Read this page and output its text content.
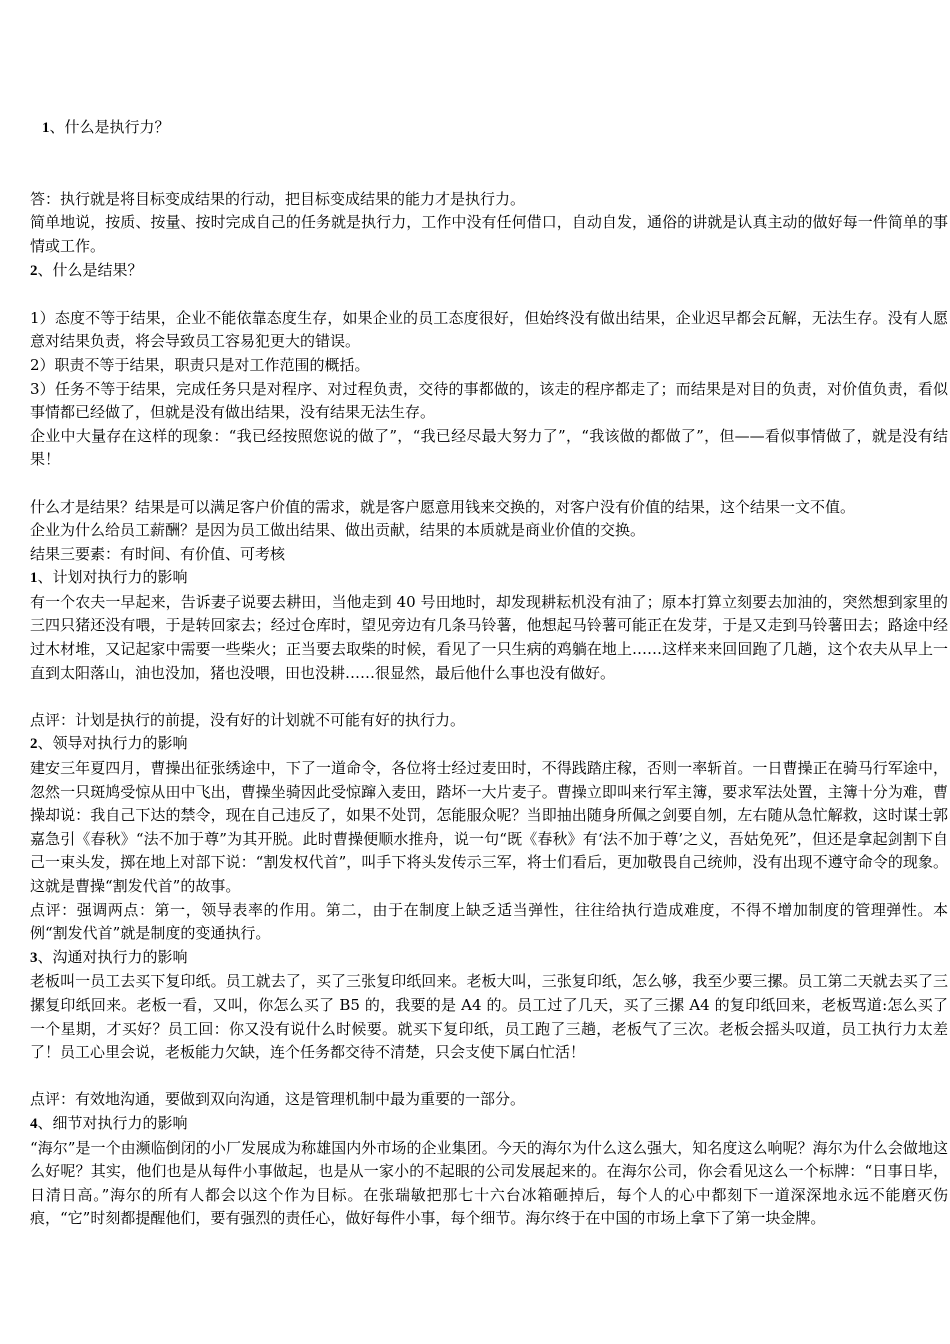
1、什么是执行力？

答：执行就是将目标变成结果的行动，把目标变成结果的能力才是执行力。

简单地说，按质、按量、按时完成自己的任务就是执行力，工作中没有任何借口，自动自发，通俗的讲就是认真主动的做好每一件简单的事情或工作。

2、什么是结果？

1）态度不等于结果，企业不能依靠态度生存，如果企业的员工态度很好，但始终没有做出结果，企业迟早都会瓦解，无法生存。没有人愿意对结果负责，将会导致员工容易犯更大的错误。

2）职责不等于结果，职责只是对工作范围的概括。

3）任务不等于结果，完成任务只是对程序、对过程负责，交待的事都做的，该走的程序都走了；而结果是对目的负责，对价值负责，看似事情都已经做了，但就是没有做出结果，没有结果无法生存。

企业中大量存在这样的现象：“我已经按照您说的做了”，“我已经尽最大努力了”，“我该做的都做了”，但——看似事情做了，就是没有结果！

什么才是结果？结果是可以满足客户价值的需求，就是客户愿意用钱来交换的，对客户没有价值的结果，这个结果一文不值。

企业为什么给员工薪酬？是因为员工做出结果、做出贡献，结果的本质就是商业价值的交换。

结果三要素：有时间、有价值、可考核

1、计划对执行力的影响

有一个农夫一早起来，告诉妻子说要去耕田，当他走到 40 号田地时，却发现耕耘机没有油了；原本打算立刻要去加油的，突然想到家里的三四只猪还没有喂，于是转回家去；经过仓库时，望见旁边有几条马铃薯，他想起马铃薯可能正在发芽，于是又走到马铃薯田去；路途中经过木材堆，又记起家中需要一些柴火；正当要去取柴的时候，看见了一只生病的鸡躺在地上……这样来来回回跑了几趟，这个农夫从早上一直到太阳落山，油也没加，猪也没喂，田也没耕……很显然，最后他什么事也没有做好。

点评：计划是执行的前提，没有好的计划就不可能有好的执行力。

2、领导对执行力的影响

建安三年夏四月，曹操出征张绣途中，下了一道命令，各位将士经过麦田时，不得践踏庄稼，否则一率斩首。一日曹操正在骑马行军途中，忽然一只斑鸠受惊从田中飞出，曹操坐骑因此受惊蹿入麦田，踏坏一大片麦子。曹操立即叫来行军主簿，要求军法处置，主簿十分为难，曹操却说：我自己下达的禁令，现在自己违反了，如果不处罚，怎能服众呢？当即抽出随身所佩之剑要自刎，左右随从急忙解救，这时谋士郭嘉急引《春秋》“法不加于尊”为其开脱。此时曹操便顺水推舟，说一句“既《春秋》有‘法不加于尊’之义，吾姑免死”，但还是拿起剑割下自己一束头发，掷在地上对部下说：“割发权代首”，叫手下将头发传示三军，将士们看后，更加敬畏自己统帅，没有出现不遵守命令的现象。这就是曹操“割发代首”的故事。

点评：强调两点：第一，领导表率的作用。第二，由于在制度上缺乏适当弹性，往往给执行造成难度，不得不增加制度的管理弹性。本例“割发代首”就是制度的变通执行。

3、沟通对执行力的影响

老板叫一员工去买下复印纸。员工就去了，买了三张复印纸回来。老板大叫，三张复印纸，怎么够，我至少要三摞。员工第二天就去买了三摞复印纸回来。老板一看，又叫，你怎么买了 B5 的，我要的是 A4 的。员工过了几天，买了三摞 A4 的复印纸回来，老板骂道:怎么买了一个星期，才买好？员工回：你又没有说什么时候要。就买下复印纸，员工跑了三趟，老板气了三次。老板会摇头叹道，员工执行力太差了！员工心里会说，老板能力欠缺，连个任务都交待不清楚，只会支使下属白忙活！

点评：有效地沟通，要做到双向沟通，这是管理机制中最为重要的一部分。

4、细节对执行力的影响

“海尔”是一个由濒临倒闭的小厂发展成为称雄国内外市场的企业集团。今天的海尔为什么这么强大，知名度这么响呢？海尔为什么会做地这么好呢？其实，他们也是从每件小事做起，也是从一家小的不起眼的公司发展起来的。在海尔公司，你会看见这么一个标牌：“日事日毕，日清日高。”海尔的所有人都会以这个作为目标。在张瑞敏把那七十六台冰箱砸掉后，每个人的心中都刻下一道深深地永远不能磨灭伤痕，“它”时刻都提醒他们，要有强烈的责任心，做好每件小事，每个细节。海尔终于在中国的市场上拿下了第一块金牌。
